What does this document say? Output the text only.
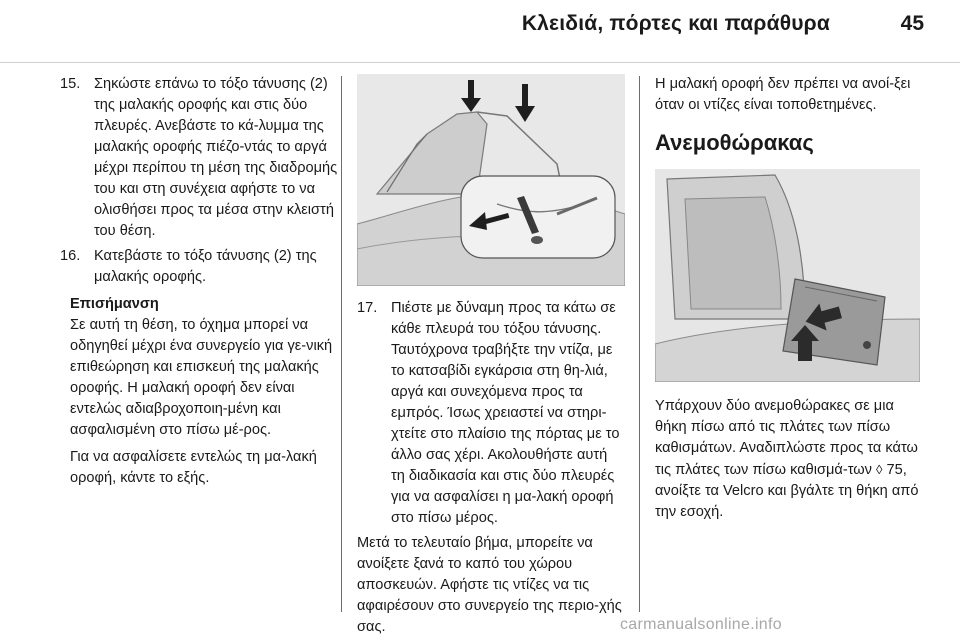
Κλειδιά, πόρτες και παράθυρα	45
15. Σηκώστε επάνω το τόξο τάνυσης (2) της μαλακής οροφής και στις δύο πλευρές. Ανεβάστε το κά-λυμμα της μαλακής οροφής πιέζο-ντάς το αργά μέχρι περίπου τη μέση της διαδρομής του και στη συνέχεια αφήστε το να ολισθήσει προς τα μέσα στην κλειστή του θέση.
16. Κατεβάστε το τόξο τάνυσης (2) της μαλακής οροφής.
Επισήμανση
Σε αυτή τη θέση, το όχημα μπορεί να οδηγηθεί μέχρι ένα συνεργείο για γε-νική επιθεώρηση και επισκευή της μαλακής οροφής. Η μαλακή οροφή δεν είναι εντελώς αδιαβροχοποιη-μένη και ασφαλισμένη στο πίσω μέ-ρος.
Για να ασφαλίσετε εντελώς τη μα-λακή οροφή, κάντε το εξής.
17. Πιέστε με δύναμη προς τα κάτω σε κάθε πλευρά του τόξου τάνυσης. Ταυτόχρονα τραβήξτε την ντίζα, με το κατσαβίδι εγκάρσια στη θη-λιά, αργά και συνεχόμενα προς τα εμπρός. Ίσως χρειαστεί να στηρι-χτείτε στο πλαίσιο της πόρτας με το άλλο σας χέρι. Ακολουθήστε αυτή τη διαδικασία και στις δύο πλευρές για να ασφαλίσει η μα-λακή οροφή στο πίσω μέρος.
Μετά το τελευταίο βήμα, μπορείτε να ανοίξετε ξανά το καπό του χώρου αποσκευών. Αφήστε τις ντίζες να τις αφαιρέσουν στο συνεργείο της περιο-χής σας.
Η μαλακή οροφή δεν πρέπει να ανοί-ξει όταν οι ντίζες είναι τοποθετημένες.
Ανεμοθώρακας
Υπάρχουν δύο ανεμοθώρακες σε μια θήκη πίσω από τις πλάτες των πίσω καθισμάτων. Αναδιπλώστε προς τα κάτω τις πλάτες των πίσω καθισμά-των ◊ 75, ανοίξτε τα Velcro και βγάλτε τη θήκη από την εσοχή.
carmanualsonline.info
